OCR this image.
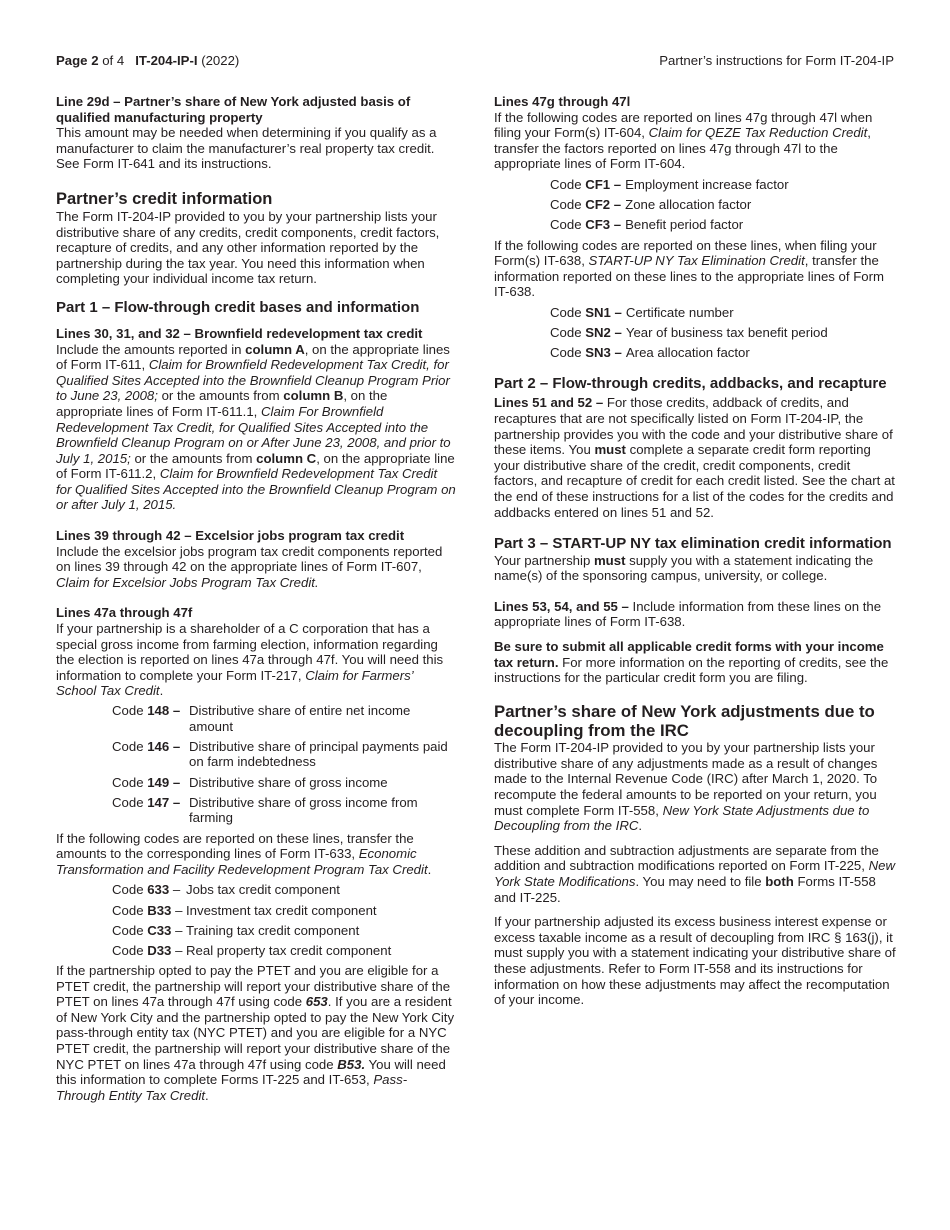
Page 2 of 4 IT-204-IP-I (2022)	Partner’s instructions for Form IT-204-IP
Line 29d – Partner’s share of New York adjusted basis of qualified manufacturing property

This amount may be needed when determining if you qualify as a manufacturer to claim the manufacturer’s real property tax credit. See Form IT-641 and its instructions.

Partner’s credit information

The Form IT-204-IP provided to you by your partnership lists your distributive share of any credits, credit components, credit factors, recapture of credits, and any other information reported by the partnership during the tax year. You need this information when completing your individual income tax return.

Part 1 – Flow-through credit bases and information
Lines 30, 31, and 32 – Brownfield redevelopment tax credit

Include the amounts reported in column A, on the appropriate lines of Form IT-611, Claim for Brownfield Redevelopment Tax Credit, for Qualified Sites Accepted into the Brownfield Cleanup Program Prior to June 23, 2008; or the amounts from column B, on the appropriate lines of Form IT-611.1, Claim For Brownfield Redevelopment Tax Credit, for Qualified Sites Accepted into the Brownfield Cleanup Program on or After June 23, 2008, and prior to July 1, 2015; or the amounts from column C, on the appropriate line of Form IT-611.2, Claim for Brownfield Redevelopment Tax Credit for Qualified Sites Accepted into the Brownfield Cleanup Program on or after July 1, 2015.

Lines 39 through 42 – Excelsior jobs program tax credit

Include the excelsior jobs program tax credit components reported on lines 39 through 42 on the appropriate lines of Form IT-607, Claim for Excelsior Jobs Program Tax Credit.

Lines 47a through 47f

If your partnership is a shareholder of a C corporation that has a special gross income from farming election, information regarding the election is reported on lines 47a through 47f. You will need this information to complete your Form IT-217, Claim for Farmers’ School Tax Credit.

Code 148 – Distributive share of entire net income amount
Code 146 – Distributive share of principal payments paid on farm indebtedness
Code 149 – Distributive share of gross income
Code 147 – Distributive share of gross income from farming

If the following codes are reported on these lines, transfer the amounts to the corresponding lines of Form IT-633, Economic Transformation and Facility Redevelopment Program Tax Credit.

Code 633 – Jobs tax credit component
Code B33 – Investment tax credit component
Code C33 – Training tax credit component
Code D33 – Real property tax credit component

If the partnership opted to pay the PTET and you are eligible for a PTET credit, the partnership will report your distributive share of the PTET on lines 47a through 47f using code 653. If you are a resident of New York City and the partnership opted to pay the New York City pass-through entity tax (NYC PTET) and you are eligible for a NYC PTET credit, the partnership will report your distributive share of the NYC PTET on lines 47a through 47f using code B53. You will need this information to complete Forms IT-225 and IT-653, Pass-Through Entity Tax Credit.

Lines 47g through 47l

If the following codes are reported on lines 47g through 47l when filing your Form(s) IT-604, Claim for QEZE Tax Reduction Credit, transfer the factors reported on lines 47g through 47l to the appropriate lines of Form IT-604.

Code CF1 – Employment increase factor
Code CF2 – Zone allocation factor
Code CF3 – Benefit period factor

If the following codes are reported on these lines, when filing your Form(s) IT-638, START-UP NY Tax Elimination Credit, transfer the information reported on these lines to the appropriate lines of Form IT-638.

Code SN1 – Certificate number
Code SN2 – Year of business tax benefit period
Code SN3 – Area allocation factor
Part 2 – Flow-through credits, addbacks, and recapture

Lines 51 and 52 – For those credits, addback of credits, and recaptures that are not specifically listed on Form IT-204-IP, the partnership provides you with the code and your distributive share of these items. You must complete a separate credit form reporting your distributive share of the credit, credit components, credit factors, and recapture of credit for each credit listed. See the chart at the end of these instructions for a list of the codes for the credits and addbacks entered on lines 51 and 52.

Part 3 – START-UP NY tax elimination credit information

Your partnership must supply you with a statement indicating the name(s) of the sponsoring campus, university, or college.

Lines 53, 54, and 55 – Include information from these lines on the appropriate lines of Form IT-638.

Be sure to submit all applicable credit forms with your income tax return. For more information on the reporting of credits, see the instructions for the particular credit form you are filing.

Partner’s share of New York adjustments due to decoupling from the IRC

The Form IT-204-IP provided to you by your partnership lists your distributive share of any adjustments made as a result of changes made to the Internal Revenue Code (IRC) after March 1, 2020. To recompute the federal amounts to be reported on your return, you must complete Form IT-558, New York State Adjustments due to Decoupling from the IRC.

These addition and subtraction adjustments are separate from the addition and subtraction modifications reported on Form IT-225, New York State Modifications. You may need to file both Forms IT-558 and IT-225.

If your partnership adjusted its excess business interest expense or excess taxable income as a result of decoupling from IRC § 163(j), it must supply you with a statement indicating your distributive share of these adjustments. Refer to Form IT-558 and its instructions for information on how these adjustments may affect the recomputation of your income.
